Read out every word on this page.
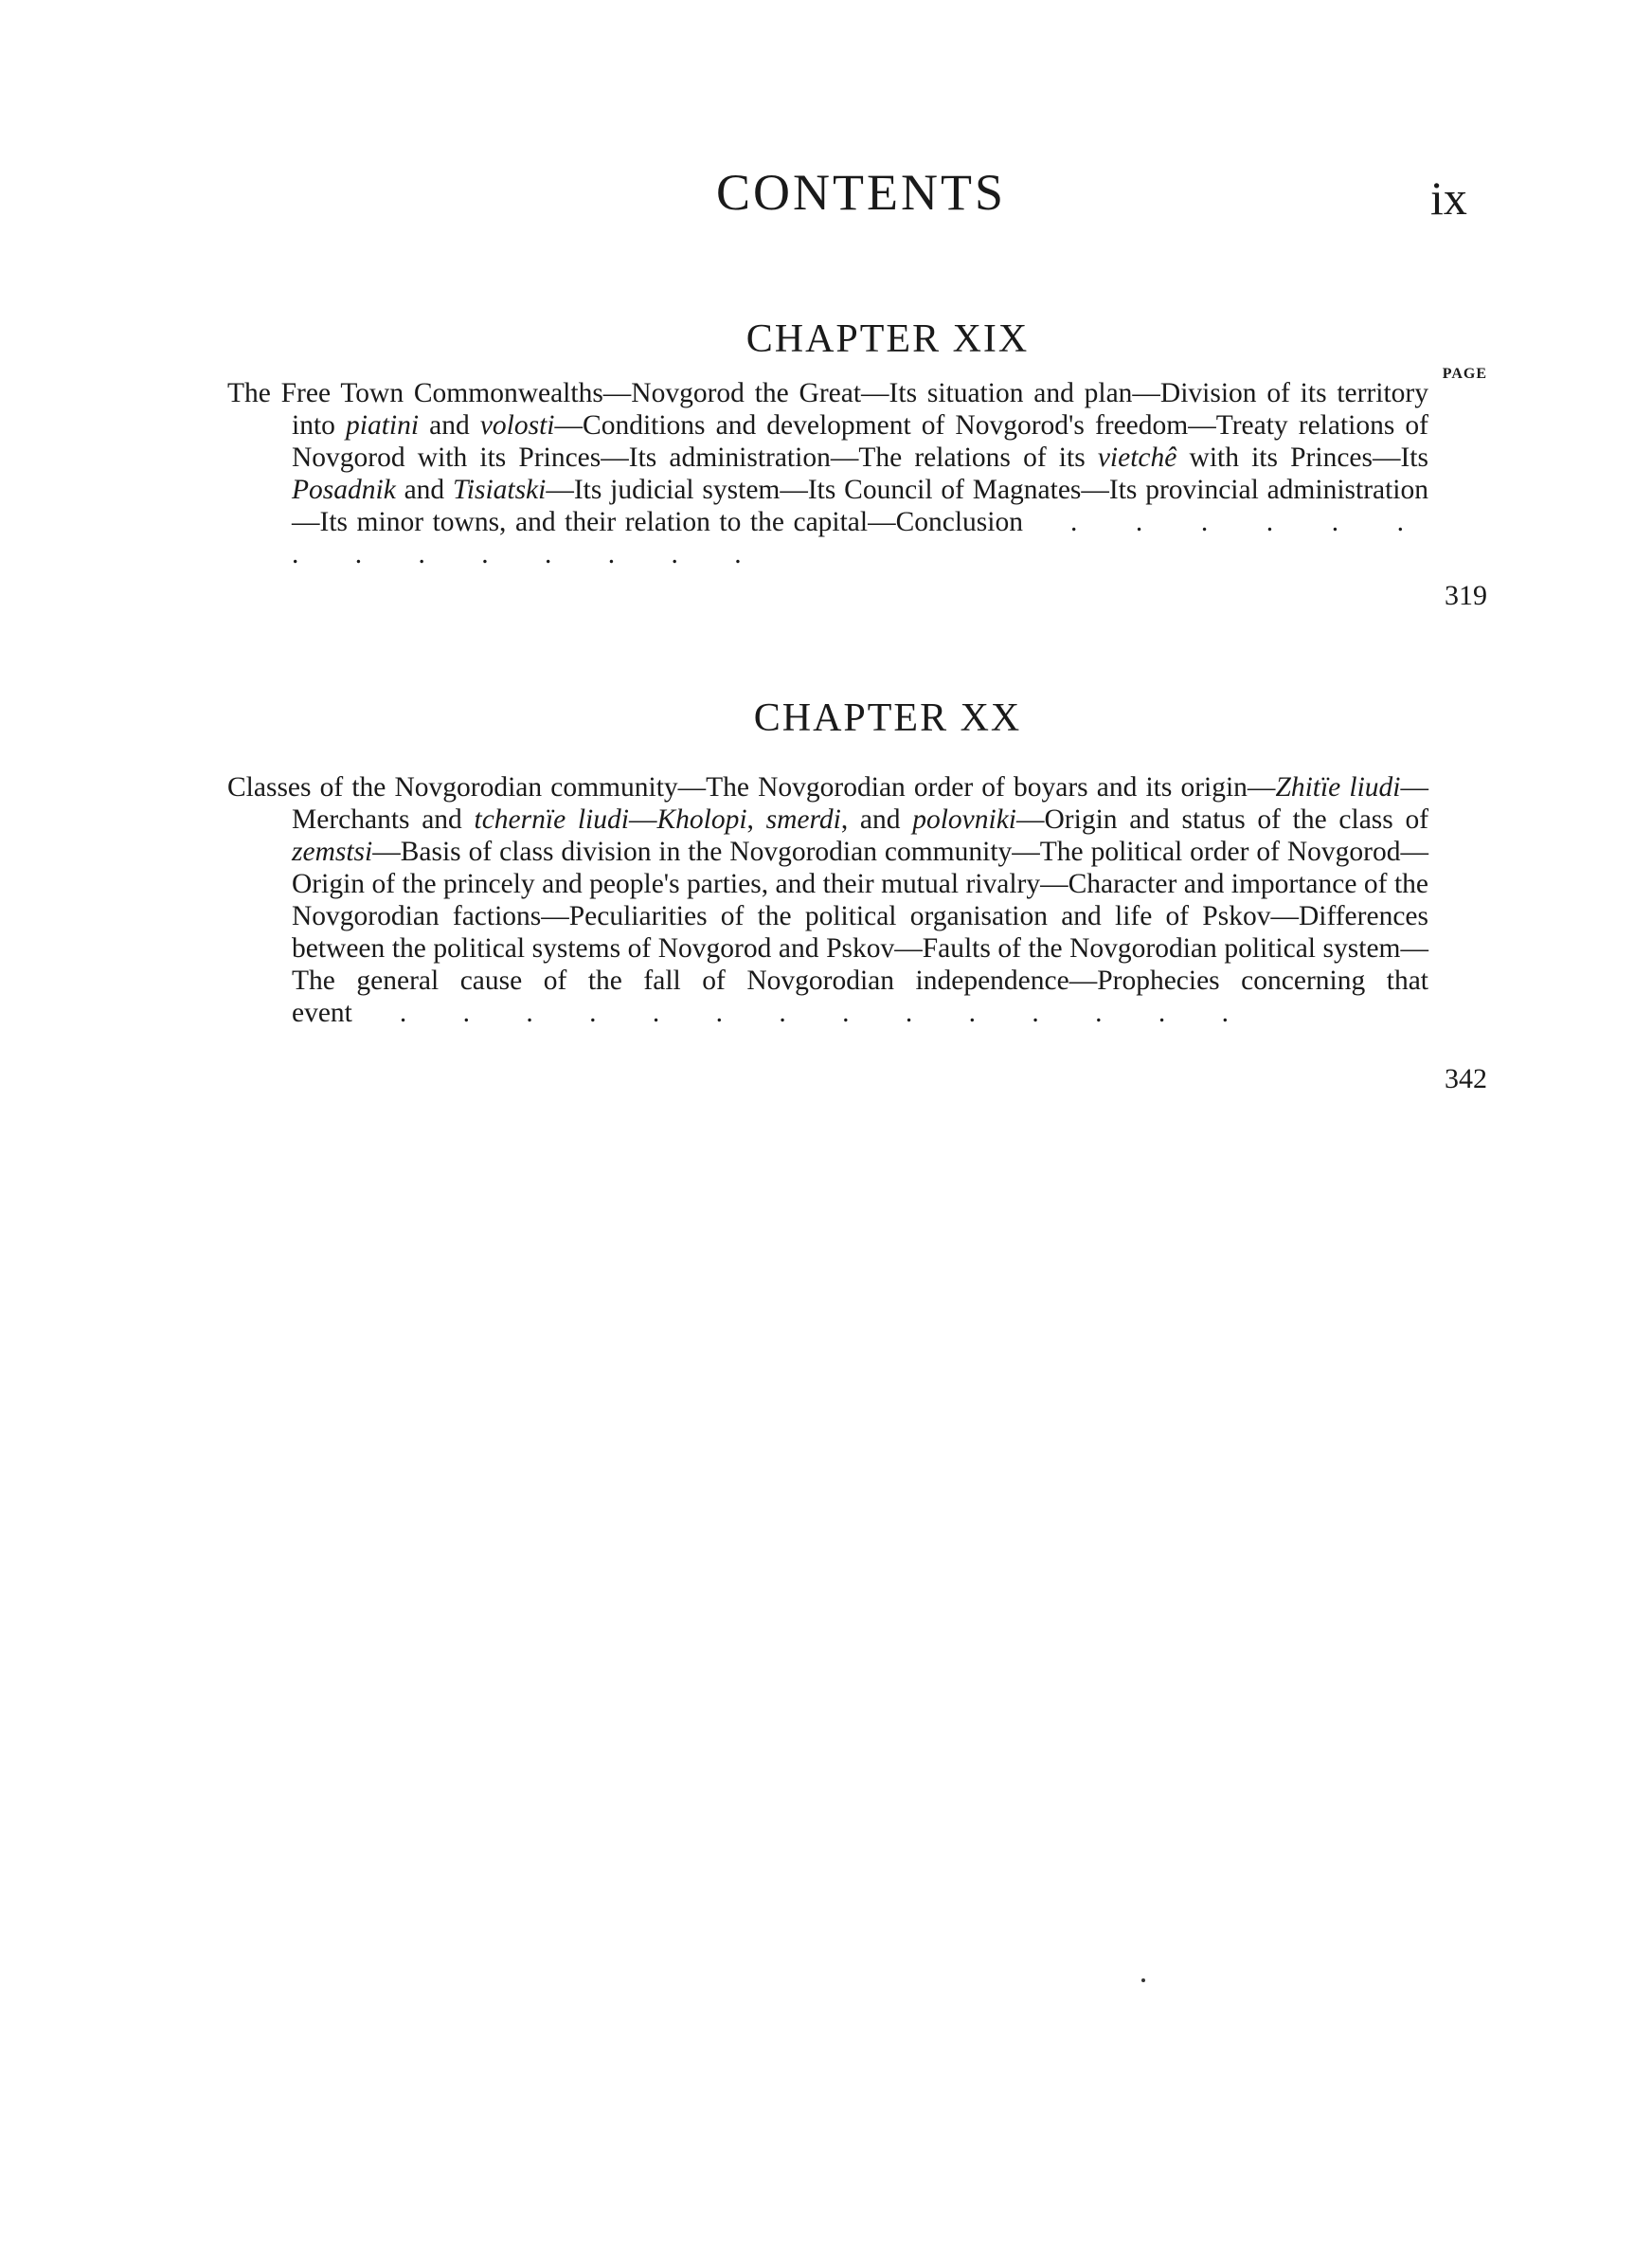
CONTENTS	ix
CHAPTER XIX
PAGE
The Free Town Commonwealths—Novgorod the Great—Its situation and plan—Division of its territory into piatini and volosti—Conditions and development of Novgorod's freedom—Treaty relations of Novgorod with its Princes—Its administration—The relations of its vietchê with its Princes—Its Posadnik and Tisiatski—Its judicial system—Its Council of Magnates—Its provincial administration—Its minor towns, and their relation to the capital—Conclusion . . . . . . . . . . . . . .
319
CHAPTER XX
Classes of the Novgorodian community—The Novgorodian order of boyars and its origin—Zhitïe liudi—Merchants and tchernïe liudi—Kholopi, smerdi, and polovniki—Origin and status of the class of zemstsi—Basis of class division in the Novgorodian community—The political order of Novgorod—Origin of the princely and people's parties, and their mutual rivalry—Character and importance of the Novgorodian factions—Peculiarities of the political organisation and life of Pskov—Differences between the political systems of Novgorod and Pskov—Faults of the Novgorodian political system—The general cause of the fall of Novgorodian independence—Prophecies concerning that event . . . . . . . . . . . . . .
342
